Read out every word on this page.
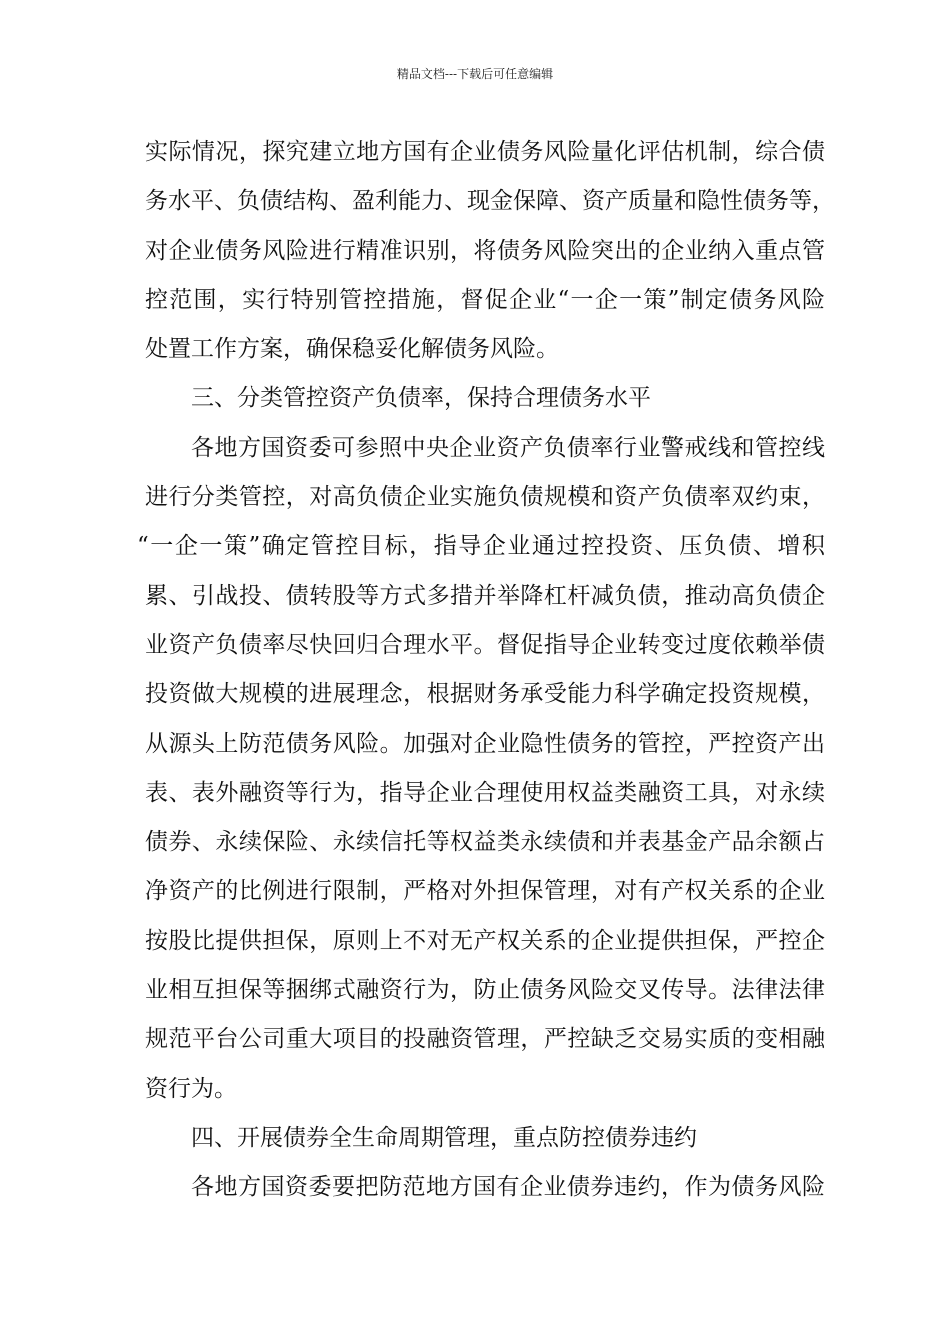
精品文档---下载后可任意编辑
实际情况，探究建立地方国有企业债务风险量化评估机制，综合债
务水平、负债结构、盈利能力、现金保障、资产质量和隐性债务等，
对企业债务风险进行精准识别，将债务风险突出的企业纳入重点管
控范围，实行特别管控措施，督促企业“一企一策”制定债务风险
处置工作方案，确保稳妥化解债务风险。
三、分类管控资产负债率，保持合理债务水平
各地方国资委可参照中央企业资产负债率行业警戒线和管控线
进行分类管控，对高负债企业实施负债规模和资产负债率双约束，
“一企一策”确定管控目标，指导企业通过控投资、压负债、增积
累、引战投、债转股等方式多措并举降杠杆减负债，推动高负债企
业资产负债率尽快回归合理水平。督促指导企业转变过度依赖举债
投资做大规模的进展理念，根据财务承受能力科学确定投资规模，
从源头上防范债务风险。加强对企业隐性债务的管控，严控资产出
表、表外融资等行为，指导企业合理使用权益类融资工具，对永续
债券、永续保险、永续信托等权益类永续债和并表基金产品余额占
净资产的比例进行限制，严格对外担保管理，对有产权关系的企业
按股比提供担保，原则上不对无产权关系的企业提供担保，严控企
业相互担保等捆绑式融资行为，防止债务风险交叉传导。法律法律
规范平台公司重大项目的投融资管理，严控缺乏交易实质的变相融
资行为。
四、开展债券全生命周期管理，重点防控债券违约
各地方国资委要把防范地方国有企业债券违约，作为债务风险
